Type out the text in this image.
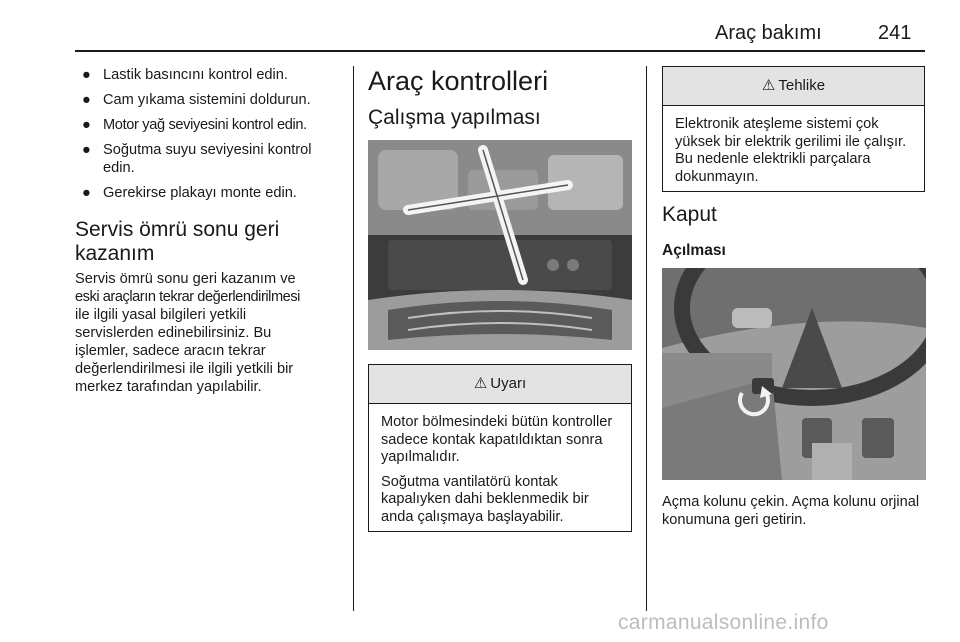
Araç bakımı	241
● Lastik basıncını kontrol edin.
● Cam yıkama sistemini doldurun.
● Motor yağ seviyesini kontrol edin.
● Soğutma suyu seviyesini kontrol edin.
● Gerekirse plakayı monte edin.
Servis ömrü sonu geri kazanım
Servis ömrü sonu geri kazanım ve
eski araçların tekrar değerlendirilmesi
ile ilgili yasal bilgileri yetkili
servislerden edinebilirsiniz. Bu
işlemler, sadece aracın tekrar
değerlendirilmesi ile ilgili yetkili bir
merkez tarafından yapılabilir.
Araç kontrolleri
Çalışma yapılması
⚠ Uyarı

Motor bölmesindeki bütün kontroller sadece kontak kapatıldıktan sonra yapılmalıdır.

Soğutma vantilatörü kontak kapalıyken dahi beklenmedik bir anda çalışmaya başlayabilir.

⚠ Tehlike

Elektronik ateşleme sistemi çok yüksek bir elektrik gerilimi ile çalışır. Bu nedenle elektrikli parçalara dokunmayın.

Kaput
Açılması
Açma kolunu çekin. Açma kolunu orjinal konumuna geri getirin.
carmanualsonline.info
